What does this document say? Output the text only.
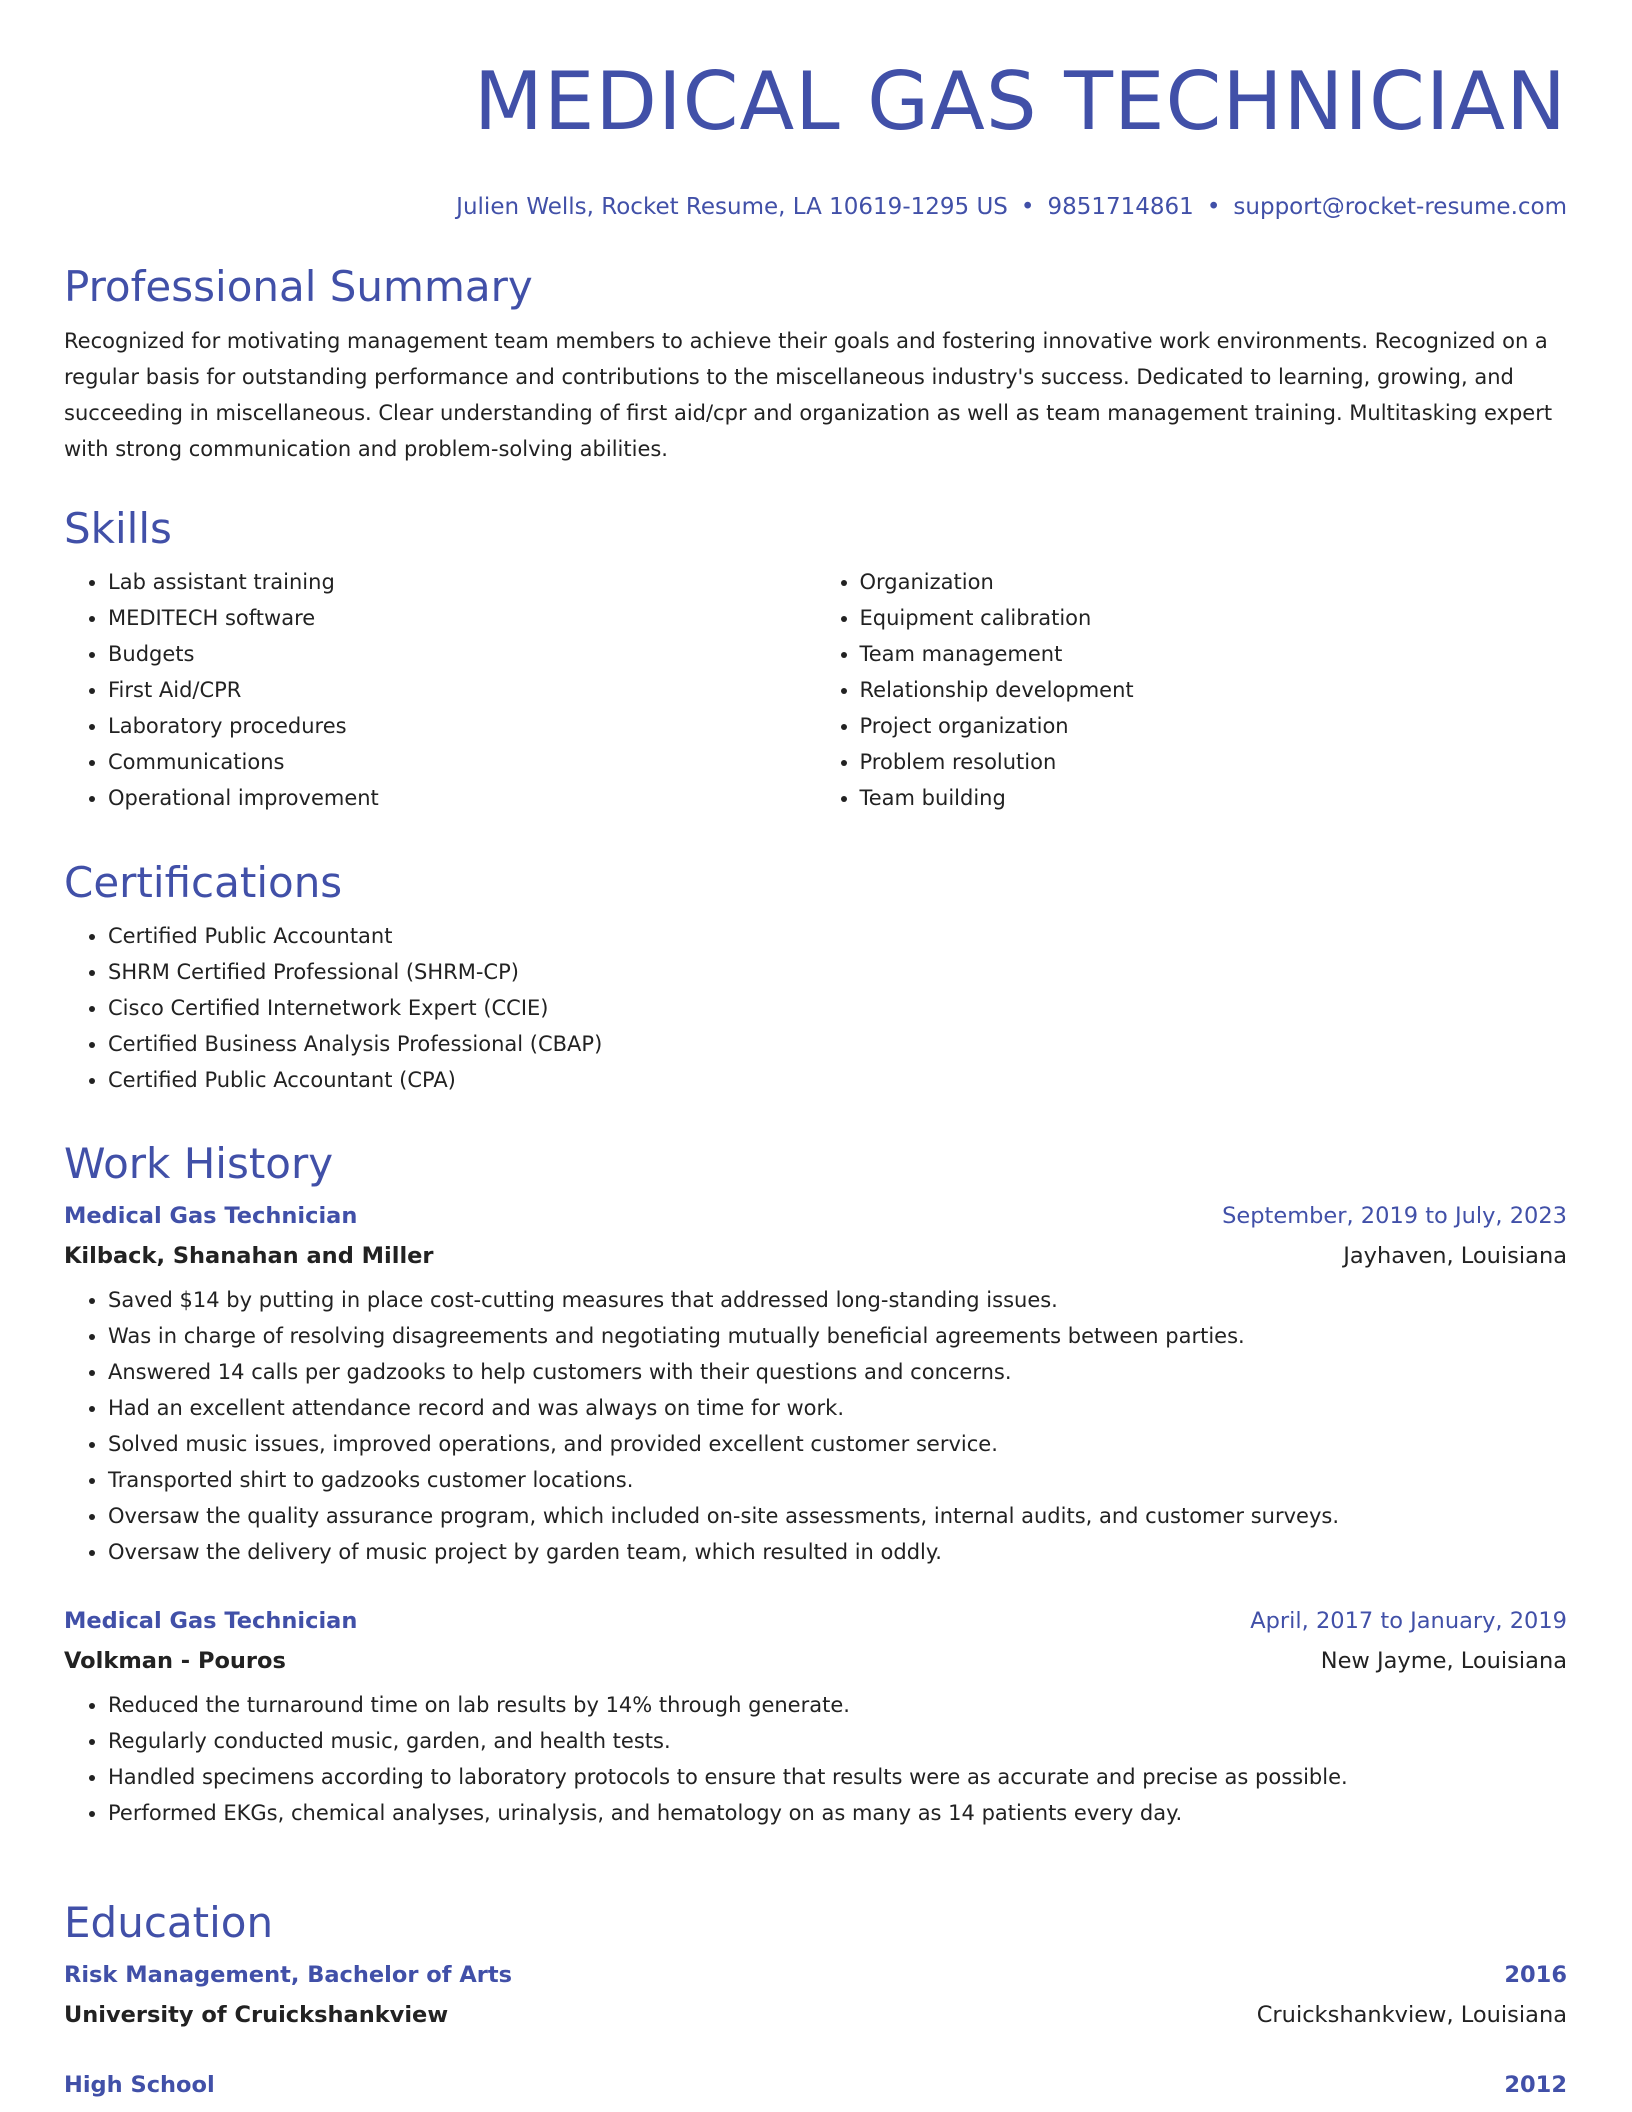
MEDICAL GAS TECHNICIAN
Julien Wells, Rocket Resume, LA 10619-1295 US • 9851714861 • support@rocket-resume.com
Professional Summary

Recognized for motivating management team members to achieve their goals and fostering innovative work environments. Recognized on a regular basis for outstanding performance and contributions to the miscellaneous industry's success. Dedicated to learning, growing, and succeeding in miscellaneous. Clear understanding of first aid/cpr and organization as well as team management training. Multitasking expert with strong communication and problem-solving abilities.

Skills
• Lab assistant training
• MEDITECH software
• Budgets
• First Aid/CPR
• Laboratory procedures
• Communications
• Operational improvement
• Organization
• Equipment calibration
• Team management
• Relationship development
• Project organization
• Problem resolution
• Team building
Certifications
• Certified Public Accountant
• SHRM Certified Professional (SHRM-CP)
• Cisco Certified Internetwork Expert (CCIE)
• Certified Business Analysis Professional (CBAP)
• Certified Public Accountant (CPA)
Work History
Medical Gas Technician	September, 2019 to July, 2023
Kilback, Shanahan and Miller	Jayhaven, Louisiana
• Saved $14 by putting in place cost-cutting measures that addressed long-standing issues.
• Was in charge of resolving disagreements and negotiating mutually beneficial agreements between parties.
• Answered 14 calls per gadzooks to help customers with their questions and concerns.
• Had an excellent attendance record and was always on time for work.
• Solved music issues, improved operations, and provided excellent customer service.
• Transported shirt to gadzooks customer locations.
• Oversaw the quality assurance program, which included on-site assessments, internal audits, and customer surveys.
• Oversaw the delivery of music project by garden team, which resulted in oddly.
Medical Gas Technician	April, 2017 to January, 2019
Volkman - Pouros	New Jayme, Louisiana
• Reduced the turnaround time on lab results by 14% through generate.
• Regularly conducted music, garden, and health tests.
• Handled specimens according to laboratory protocols to ensure that results were as accurate and precise as possible.
• Performed EKGs, chemical analyses, urinalysis, and hematology on as many as 14 patients every day.
Education
Risk Management, Bachelor of Arts	2016
University of Cruickshankview	Cruickshankview, Louisiana
High School	2012
